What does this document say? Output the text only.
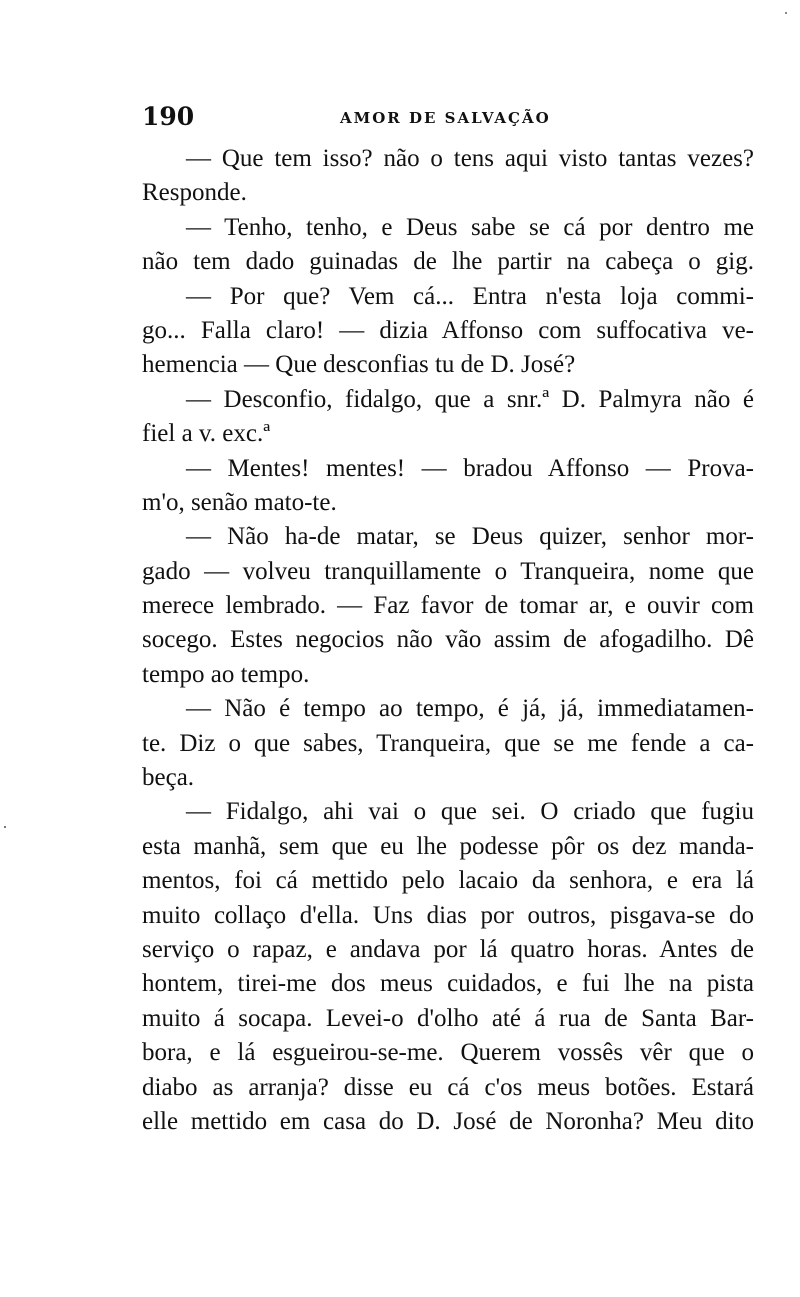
190	AMOR DE SALVAÇÃO
— Que tem isso? não o tens aqui visto tantas vezes?
Responde.
— Tenho, tenho, e Deus sabe se cá por dentro me
não tem dado guinadas de lhe partir na cabeça o gig.
— Por que? Vem cá... Entra n'esta loja commi-
go... Falla claro! — dizia Affonso com suffocativa ve-
hemencia — Que desconfias tu de D. José?
— Desconfio, fidalgo, que a snr.ª D. Palmyra não é
fiel a v. exc.ª
— Mentes! mentes! — bradou Affonso — Prova-
m'o, senão mato-te.
— Não ha-de matar, se Deus quizer, senhor mor-
gado — volveu tranquillamente o Tranqueira, nome que
merece lembrado. — Faz favor de tomar ar, e ouvir com
socego. Estes negocios não vão assim de afogadilho. Dê
tempo ao tempo.
— Não é tempo ao tempo, é já, já, immediatamen-
te. Diz o que sabes, Tranqueira, que se me fende a ca-
beça.
— Fidalgo, ahi vai o que sei. O criado que fugiu
esta manhã, sem que eu lhe podesse pôr os dez manda-
mentos, foi cá mettido pelo lacaio da senhora, e era lá
muito collaço d'ella. Uns dias por outros, pisgava-se do
serviço o rapaz, e andava por lá quatro horas. Antes de
hontem, tirei-me dos meus cuidados, e fui lhe na pista
muito á socapa. Levei-o d'olho até á rua de Santa Bar-
bora, e lá esgueirou-se-me. Querem vossês vêr que o
diabo as arranja? disse eu cá c'os meus botões. Estará
elle mettido em casa do D. José de Noronha? Meu dito
